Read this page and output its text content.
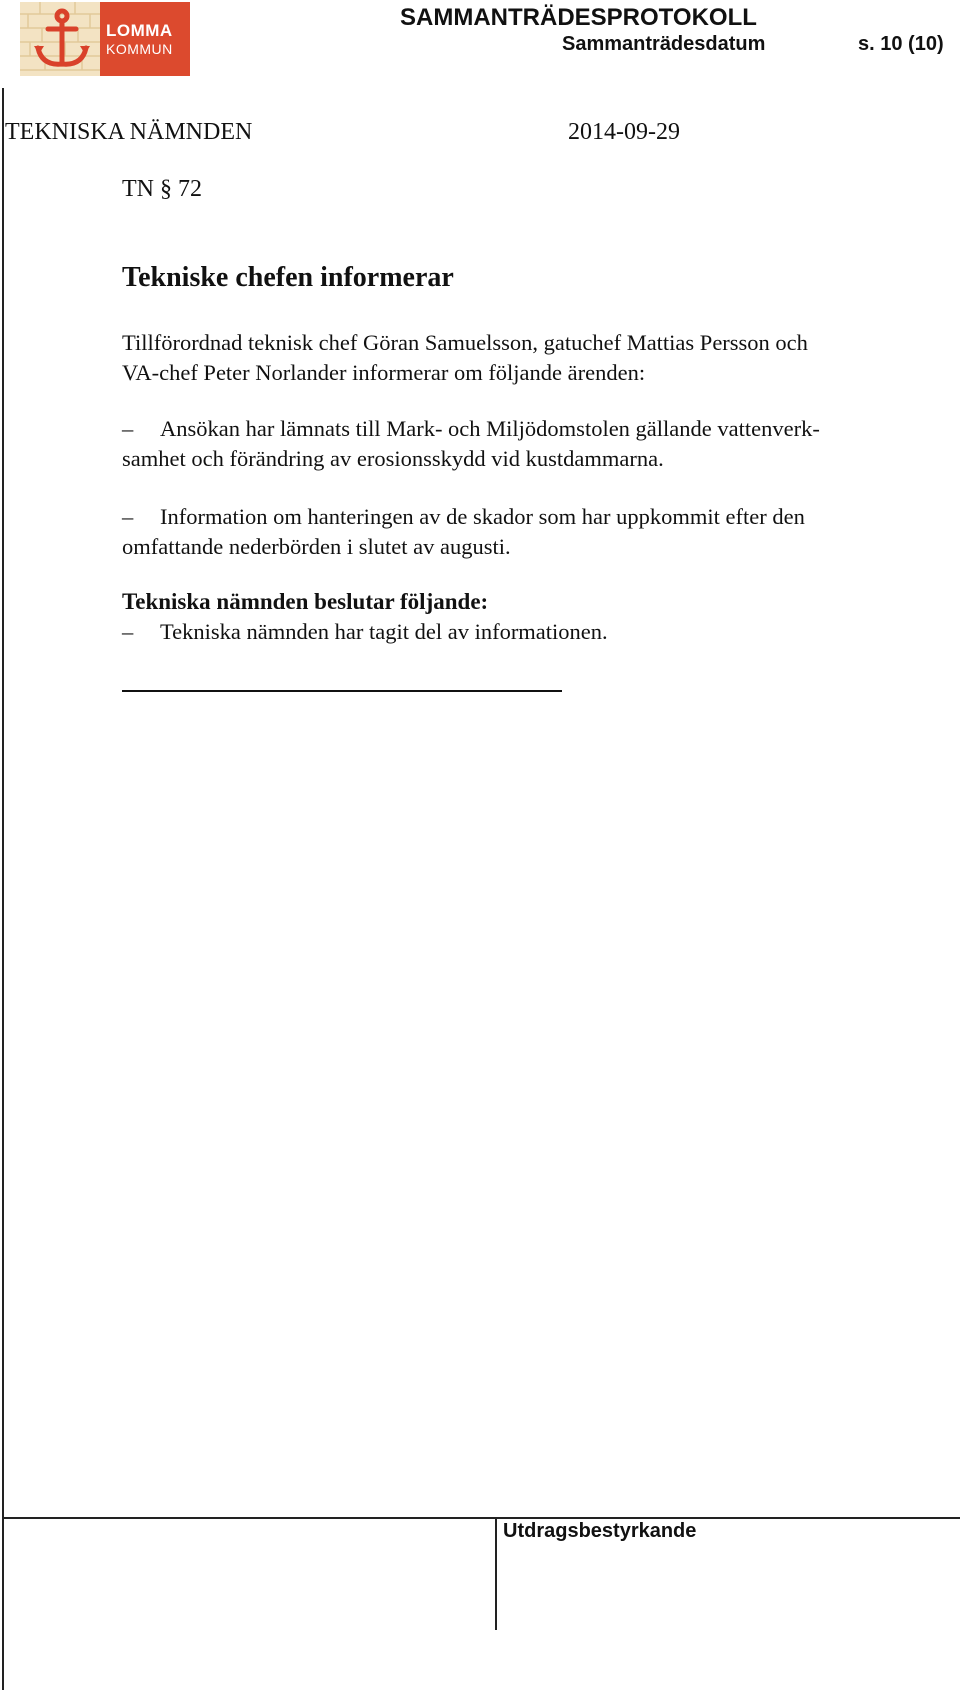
LOMMA
KOMMUN
SAMMANTRÄDESPROTOKOLL
Sammanträdesdatum	s. 10 (10)
TEKNISKA NÄMNDEN	2014-09-29
TN § 72
Tekniske chefen informerar
Tillförordnad teknisk chef Göran Samuelsson, gatuchef Mattias Persson och
VA-chef Peter Norlander informerar om följande ärenden:
– Ansökan har lämnats till Mark- och Miljödomstolen gällande vattenverk-
samhet och förändring av erosionsskydd vid kustdammarna.
– Information om hanteringen av de skador som har uppkommit efter den
omfattande nederbörden i slutet av augusti.
Tekniska nämnden beslutar följande:
– Tekniska nämnden har tagit del av informationen.
Utdragsbestyrkande
